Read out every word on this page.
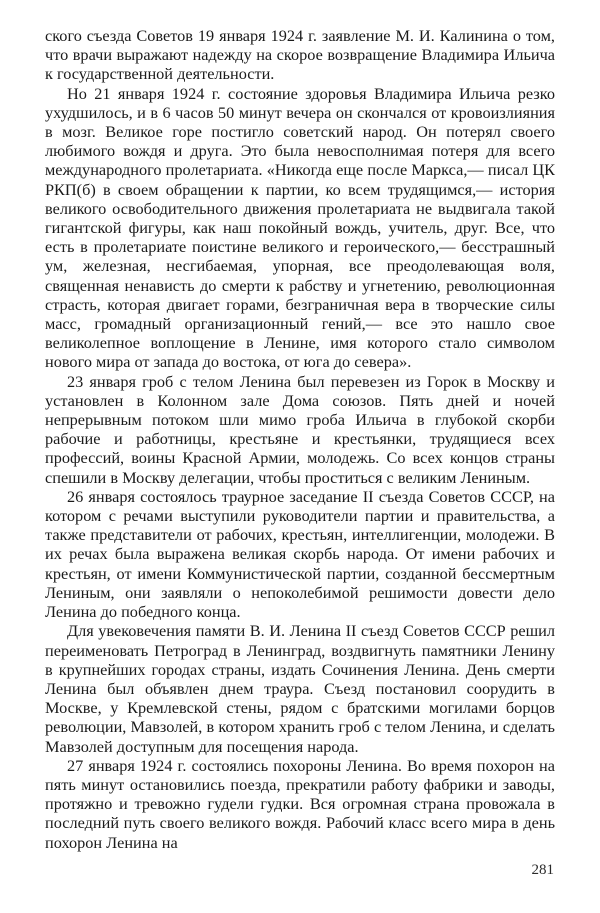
ского съезда Советов 19 января 1924 г. заявление М. И. Калинина о том, что врачи выражают надежду на скорое возвращение Владимира Ильича к государственной деятельности.

Но 21 января 1924 г. состояние здоровья Владимира Ильича резко ухудшилось, и в 6 часов 50 минут вечера он скончался от кровоизлияния в мозг. Великое горе постигло советский народ. Он потерял своего любимого вождя и друга. Это была невосполнимая потеря для всего международного пролетариата. «Никогда еще после Маркса,— писал ЦК РКП(б) в своем обращении к партии, ко всем трудящимся,— история великого освободительного движения пролетариата не выдвигала такой гигантской фигуры, как наш покойный вождь, учитель, друг. Все, что есть в пролетариате поистине великого и героического,— бесстрашный ум, железная, несгибаемая, упорная, все преодолевающая воля, священная ненависть до смерти к рабству и угнетению, революционная страсть, которая двигает горами, безграничная вера в творческие силы масс, громадный организационный гений,— все это нашло свое великолепное воплощение в Ленине, имя которого стало символом нового мира от запада до востока, от юга до севера».

23 января гроб с телом Ленина был перевезен из Горок в Москву и установлен в Колонном зале Дома союзов. Пять дней и ночей непрерывным потоком шли мимо гроба Ильича в глубокой скорби рабочие и работницы, крестьяне и крестьянки, трудящиеся всех профессий, воины Красной Армии, молодежь. Со всех концов страны спешили в Москву делегации, чтобы проститься с великим Лениным.

26 января состоялось траурное заседание II съезда Советов СССР, на котором с речами выступили руководители партии и правительства, а также представители от рабочих, крестьян, интеллигенции, молодежи. В их речах была выражена великая скорбь народа. От имени рабочих и крестьян, от имени Коммунистической партии, созданной бессмертным Лениным, они заявляли о непоколебимой решимости довести дело Ленина до победного конца.

Для увековечения памяти В. И. Ленина II съезд Советов СССР решил переименовать Петроград в Ленинград, воздвигнуть памятники Ленину в крупнейших городах страны, издать Сочинения Ленина. День смерти Ленина был объявлен днем траура. Съезд постановил соорудить в Москве, у Кремлевской стены, рядом с братскими могилами борцов революции, Мавзолей, в котором хранить гроб с телом Ленина, и сделать Мавзолей доступным для посещения народа.

27 января 1924 г. состоялись похороны Ленина. Во время похорон на пять минут остановились поезда, прекратили работу фабрики и заводы, протяжно и тревожно гудели гудки. Вся огромная страна провожала в последний путь своего великого вождя. Рабочий класс всего мира в день похорон Ленина на

281
